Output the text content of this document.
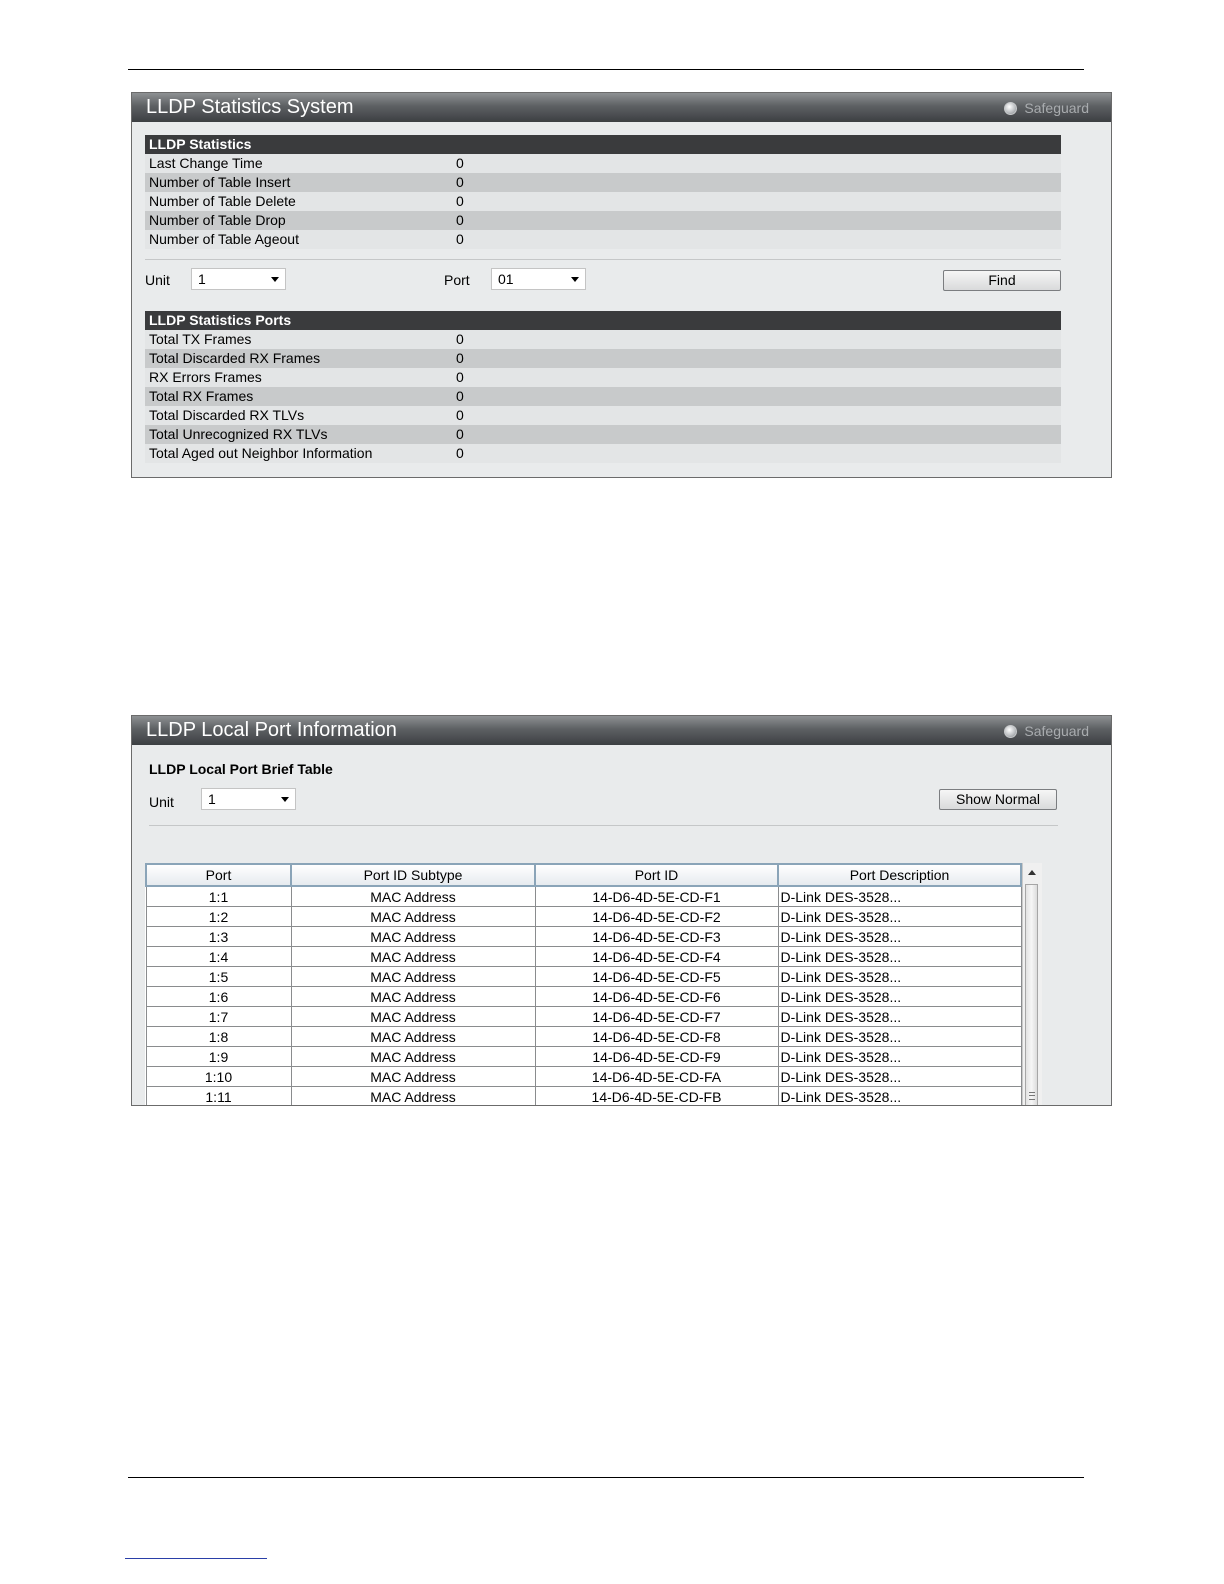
LLDP Statistics System	Safeguard
LLDP Statistics
Last Change Time	0
Number of Table Insert	0
Number of Table Delete	0
Number of Table Drop	0
Number of Table Ageout	0
Unit	1	Port	01	Find
LLDP Statistics Ports
Total TX Frames	0
Total Discarded RX Frames	0
RX Errors Frames	0
Total RX Frames	0
Total Discarded RX TLVs	0
Total Unrecognized RX TLVs	0
Total Aged out Neighbor Information	0
LLDP Local Port Information	Safeguard
LLDP Local Port Brief Table
Unit	1	Show Normal
Port	Port ID Subtype	Port ID	Port Description
1:1	MAC Address	14-D6-4D-5E-CD-F1	D-Link DES-3528...
1:2	MAC Address	14-D6-4D-5E-CD-F2	D-Link DES-3528...
1:3	MAC Address	14-D6-4D-5E-CD-F3	D-Link DES-3528...
1:4	MAC Address	14-D6-4D-5E-CD-F4	D-Link DES-3528...
1:5	MAC Address	14-D6-4D-5E-CD-F5	D-Link DES-3528...
1:6	MAC Address	14-D6-4D-5E-CD-F6	D-Link DES-3528...
1:7	MAC Address	14-D6-4D-5E-CD-F7	D-Link DES-3528...
1:8	MAC Address	14-D6-4D-5E-CD-F8	D-Link DES-3528...
1:9	MAC Address	14-D6-4D-5E-CD-F9	D-Link DES-3528...
1:10	MAC Address	14-D6-4D-5E-CD-FA	D-Link DES-3528...
1:11	MAC Address	14-D6-4D-5E-CD-FB	D-Link DES-3528...
